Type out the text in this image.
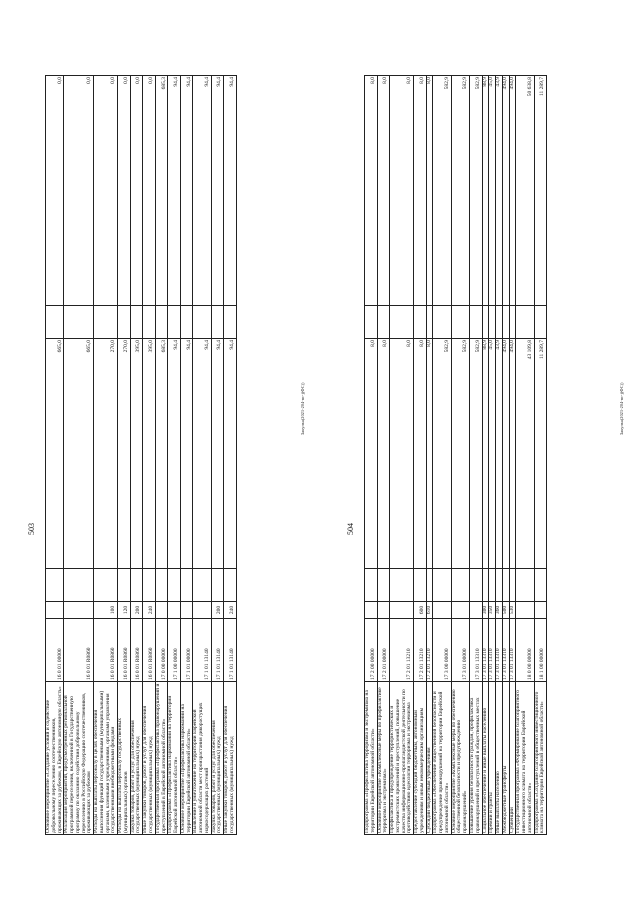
503
Основное мероприятие «Создание условий и содействие добровольному переселению соотечественников, проживающих за рубежом, в Еврейскую автономную область»	16 0 01 00000			665,0		0,0
Реализация мероприятий, предусмотренных региональной программой переселения, включенной в Государственную программу по оказанию содействия добровольному переселению в Российскую Федерацию соотечественников, проживающих за рубежом	16 0 01 R0860			665,0		0,0
Расходы на выплаты персоналу в целях обеспечения выполнения функций государственными (муниципальными) органами, казенными учреждениями, органами управления государственными внебюджетными фондами	16 0 01 R0860	100		270,0		0,0
Расходы на выплаты персоналу государственных (муниципальных) органов	16 0 01 R0860	120		270,0		0,0
Закупка товаров, работ и услуг для обеспечения государственных (муниципальных) нужд	16 0 01 R0860	200		395,0		0,0
Иные закупки товаров, работ и услуг для обеспечения государственных (муниципальных) нужд	16 0 01 R0860	240		395,0		0,0
Государственная программа «Профилактика правонарушений и преступлений в Еврейской автономной области»	17 0 00 00000			685,3		685,3
Подпрограмма «Профилактика наркомании на территории Еврейской автономной области»	17 1 00 00000			94,4		94,4
Основное мероприятие «Профилактика наркомании на территории Еврейской автономной области»	17 1 01 00000			94,4		94,4
Выявление и уничтожение на территории Еврейской автономной области мест произрастания дикорастущих наркосодержащих растений	17 1 01 13140			94,4		94,4
Закупка товаров, работ и услуг для обеспечения государственных (муниципальных) нужд	17 1 01 13140	200		94,4		94,4
Иные закупки товаров, работ и услуг для обеспечения государственных (муниципальных) нужд	17 1 01 13140	240		94,4		94,4
Закупка(2021-204-nc-j(ФС))
504
Подпрограмма «Профилактика терроризма и экстремизма на территории Еврейской автономной области»	17 2 00 00000			8,0		8,0
Основное мероприятие «Комплексные меры по профилактике терроризма и экстремизма»	17 2 01 00000			8,0		8,0
Профилактика и предупреждение террористических и экстремистских проявлений и преступлений, повышение качества информационно-пропагандистской деятельности по противодействию идеологии терроризма и экстремизма	17 2 01 13210			8,0		8,0
Предоставление субсидий бюджетным, автономным учреждениям и иным некоммерческим организациям	17 2 01 13210	600		8,0		8,0
Субсидии бюджетным учреждениям	17 2 01 13210	610		8,0		8,0
Подпрограмма «Обеспечение общественной безопасности и предупреждение правонарушений на территории Еврейской автономной области»	17 3 00 00000			582,9		582,9
Основное мероприятие «Комплексные меры по обеспечению общественной безопасности и предупреждению правонарушений»	17 3 01 00000			582,9		582,9
Повышение уровня безопасности граждан, профилактика правонарушений и преступлений в общественных местах	17 3 01 13310			582,9		582,9
Социальное обеспечение и иные выплаты населению	17 3 01 13310	300		88,9		88,9
Премии и гранты	17 3 01 13310	350		45,0		45,0
Иные выплаты населению	17 3 01 13310	360		43,9		43,9
Межбюджетные трансферты	17 3 01 13310	500		494,0		494,0
Субвенции	17 3 01 13310	530		494,0		494,0
Государственная программа «Формирование благоприятного инвестиционного климата на территории Еврейской автономной области»	18 0 00 00000			43 109,8		50 638,8
Подпрограмма «Создание благоприятного инвестиционного климата на территории Еврейской автономной области»	18 1 00 00000			11 289,7		11 289,7
Закупка(2021-204-nc-j(ФС))
